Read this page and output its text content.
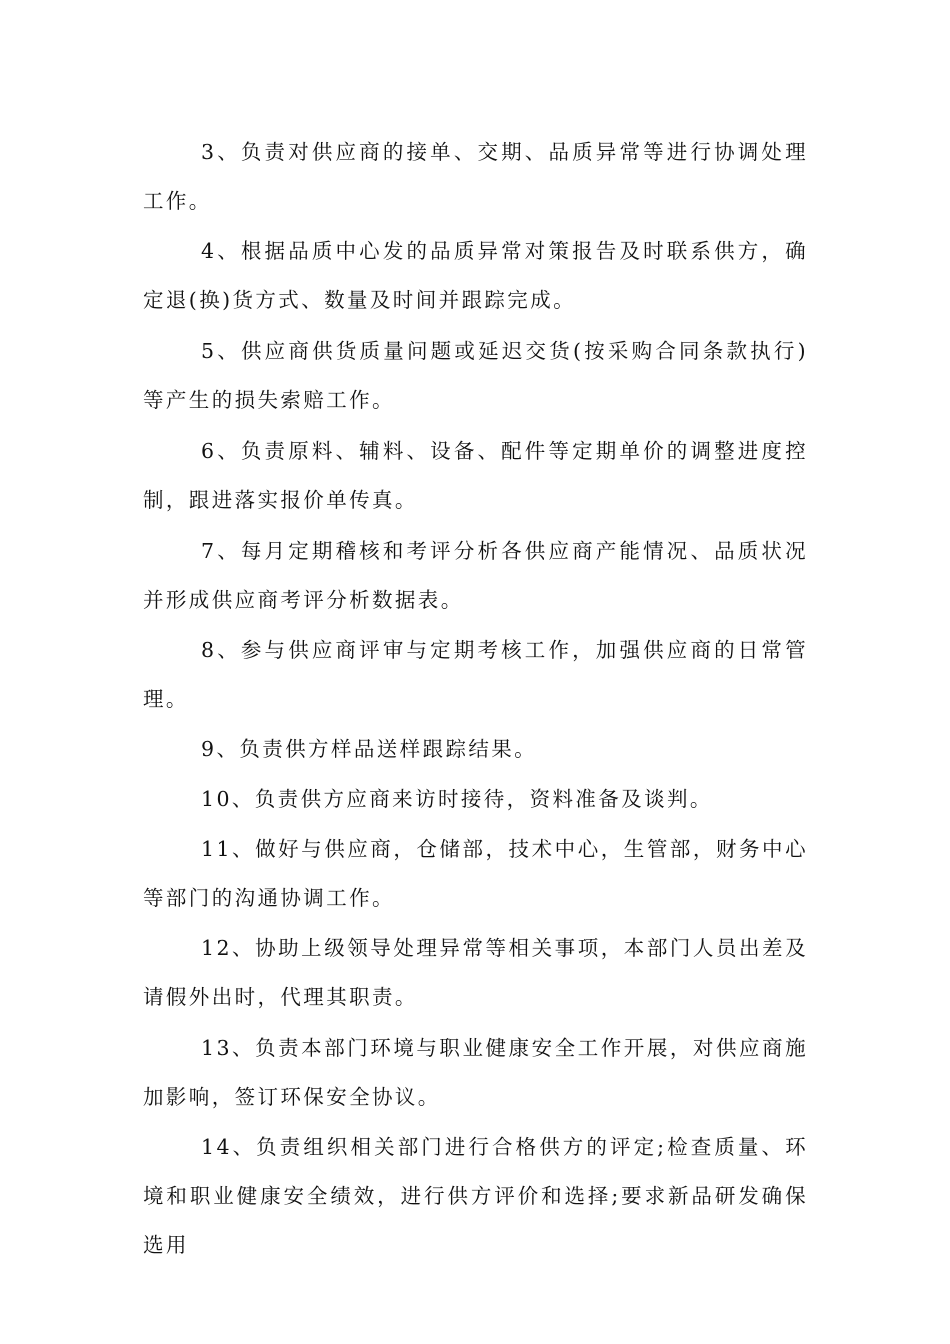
3、负责对供应商的接单、交期、品质异常等进行协调处理工作。

4、根据品质中心发的品质异常对策报告及时联系供方，确定退(换)货方式、数量及时间并跟踪完成。

5、供应商供货质量问题或延迟交货(按采购合同条款执行)等产生的损失索赔工作。

6、负责原料、辅料、设备、配件等定期单价的调整进度控制，跟进落实报价单传真。

7、每月定期稽核和考评分析各供应商产能情况、品质状况并形成供应商考评分析数据表。

8、参与供应商评审与定期考核工作，加强供应商的日常管理。

9、负责供方样品送样跟踪结果。

10、负责供方应商来访时接待，资料准备及谈判。

11、做好与供应商，仓储部，技术中心，生管部，财务中心等部门的沟通协调工作。

12、协助上级领导处理异常等相关事项，本部门人员出差及请假外出时，代理其职责。

13、负责本部门环境与职业健康安全工作开展，对供应商施加影响，签订环保安全协议。

14、负责组织相关部门进行合格供方的评定;检查质量、环境和职业健康安全绩效，进行供方评价和选择;要求新品研发确保选用
